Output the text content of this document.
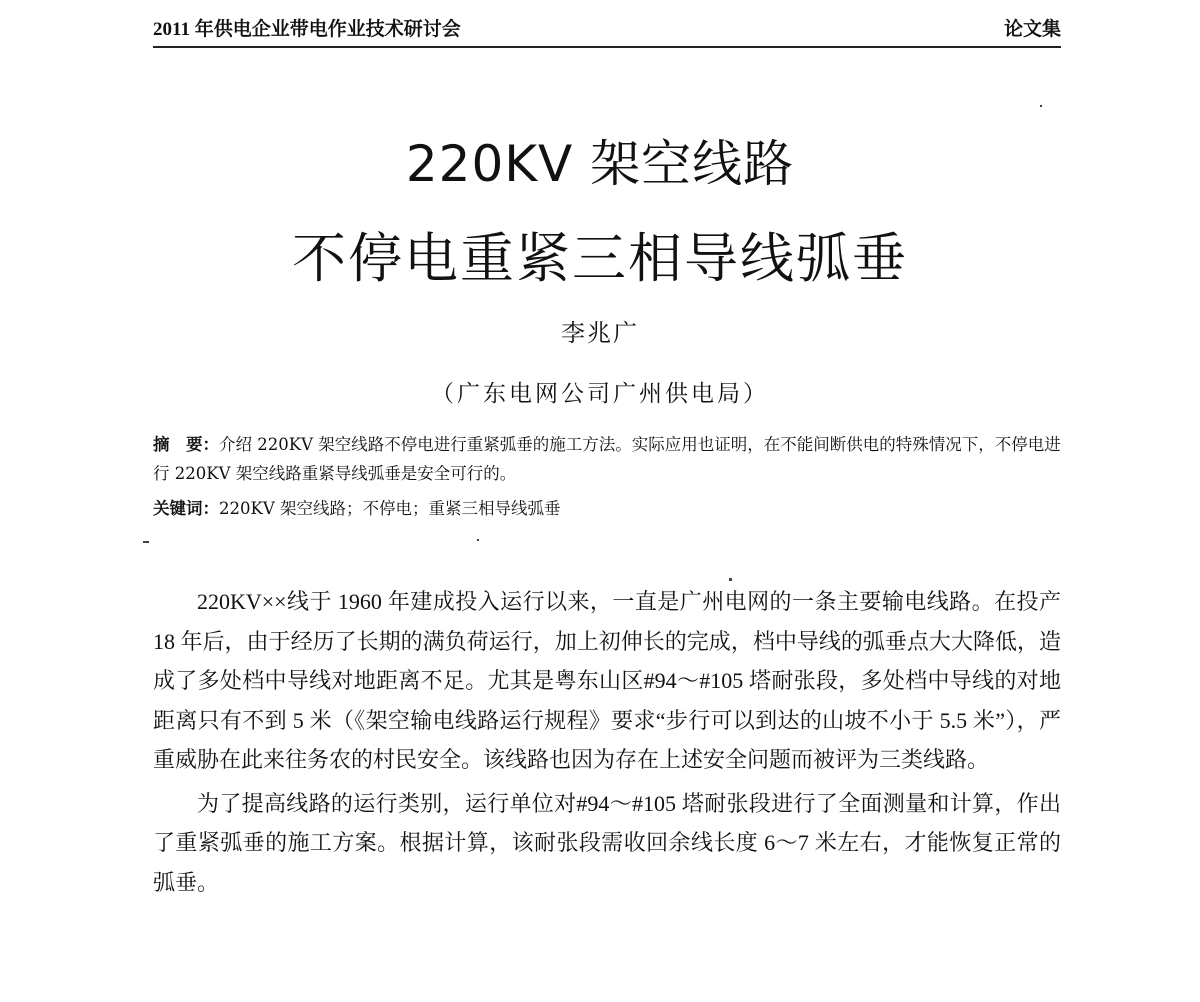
2011 年供电企业带电作业技术研讨会	论文集
220KV 架空线路
不停电重紧三相导线弧垂
李兆广
（广东电网公司广州供电局）
摘　要：介绍 220KV 架空线路不停电进行重紧弧垂的施工方法。实际应用也证明，在不能间断供电的特殊情况下，不停电进行 220KV 架空线路重紧导线弧垂是安全可行的。
关键词：220KV 架空线路；不停电；重紧三相导线弧垂

220KV××线于 1960 年建成投入运行以来，一直是广州电网的一条主要输电线路。在投产 18 年后，由于经历了长期的满负荷运行，加上初伸长的完成，档中导线的弧垂点大大降低，造成了多处档中导线对地距离不足。尤其是粤东山区#94～#105 塔耐张段，多处档中导线的对地距离只有不到 5 米（《架空输电线路运行规程》要求“步行可以到达的山坡不小于 5.5 米”），严重威胁在此来往务农的村民安全。该线路也因为存在上述安全问题而被评为三类线路。

为了提高线路的运行类别，运行单位对#94～#105 塔耐张段进行了全面测量和计算，作出了重紧弧垂的施工方案。根据计算，该耐张段需收回余线长度 6～7 米左右，才能恢复正常的弧垂。
